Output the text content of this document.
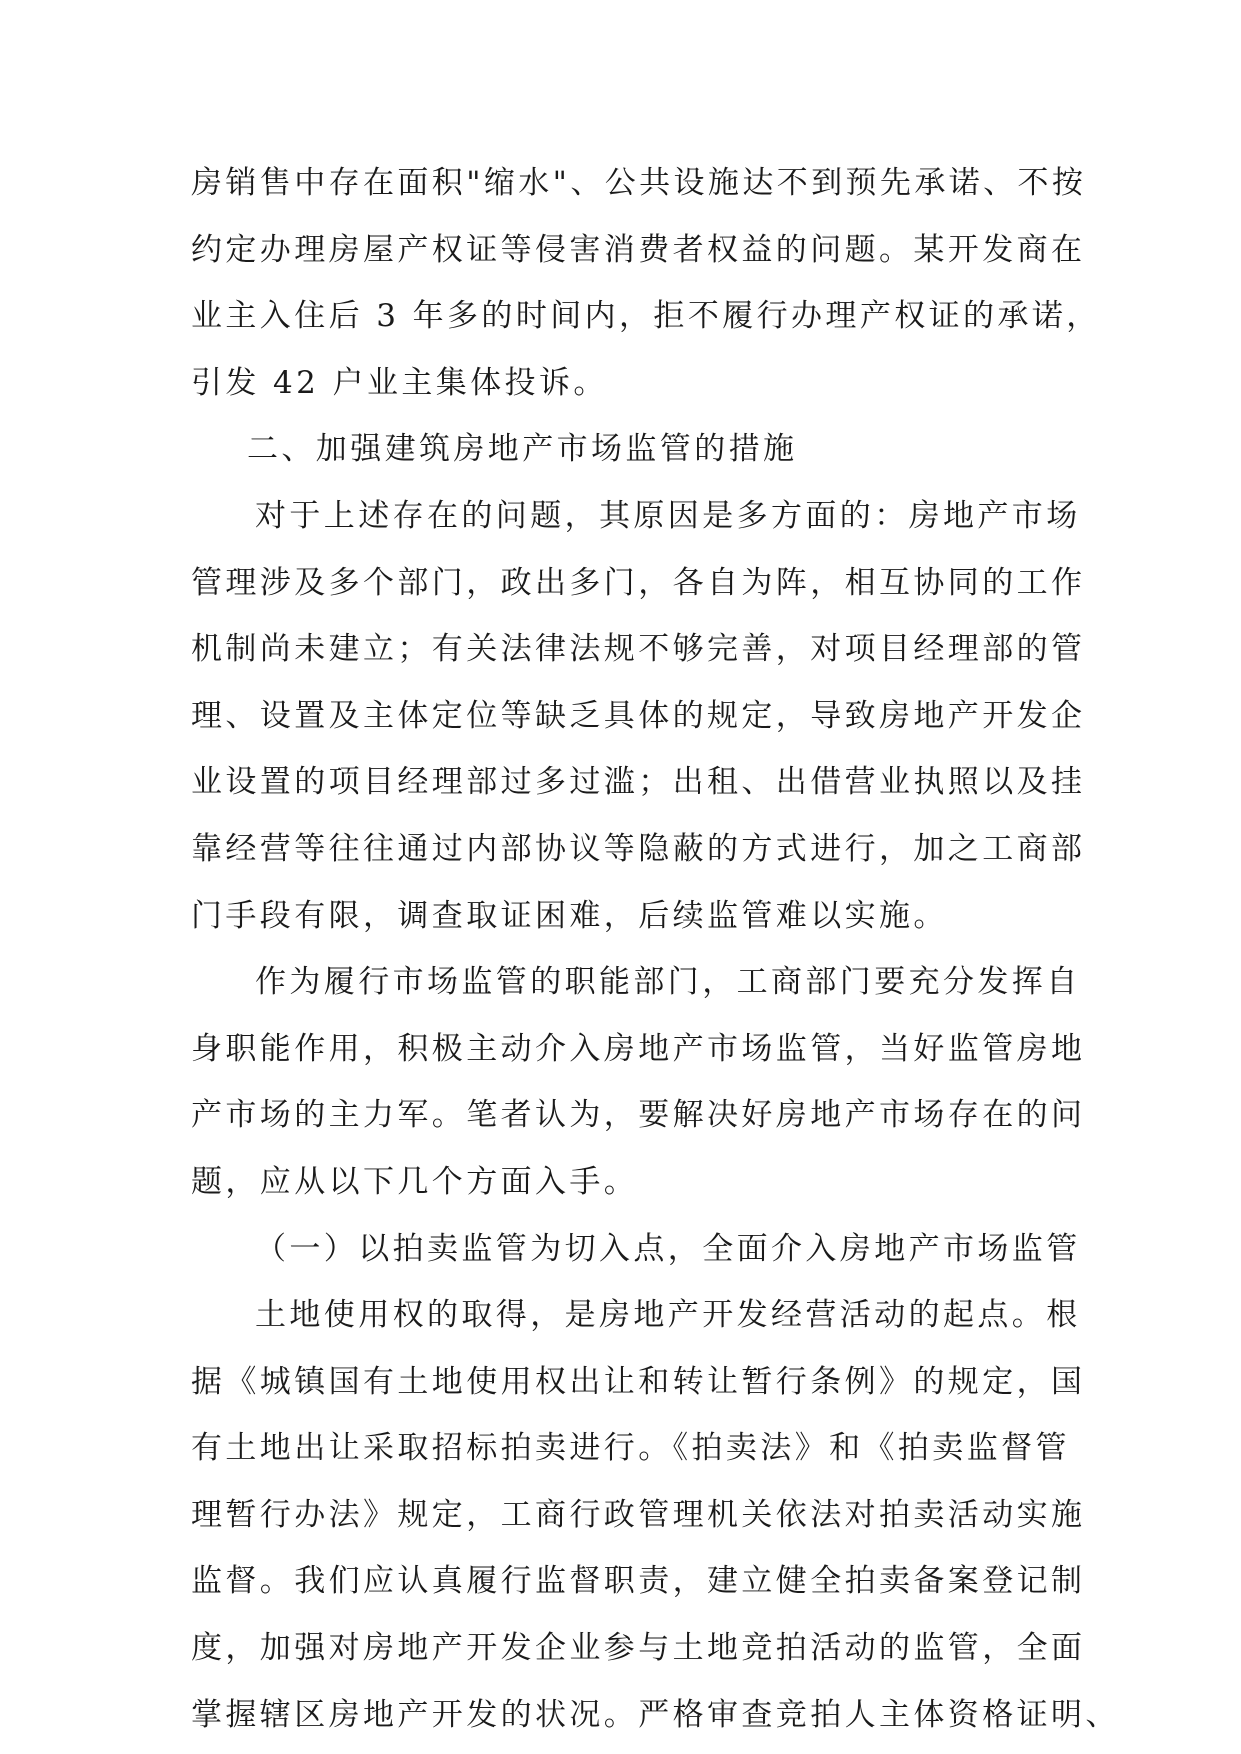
房销售中存在面积"缩水"、公共设施达不到预先承诺、不按
约定办理房屋产权证等侵害消费者权益的问题。某开发商在
业主入住后 3 年多的时间内，拒不履行办理产权证的承诺，
引发 42 户业主集体投诉。
二、加强建筑房地产市场监管的措施
对于上述存在的问题，其原因是多方面的：房地产市场
管理涉及多个部门，政出多门，各自为阵，相互协同的工作
机制尚未建立；有关法律法规不够完善，对项目经理部的管
理、设置及主体定位等缺乏具体的规定，导致房地产开发企
业设置的项目经理部过多过滥；出租、出借营业执照以及挂
靠经营等往往通过内部协议等隐蔽的方式进行，加之工商部
门手段有限，调查取证困难，后续监管难以实施。
作为履行市场监管的职能部门，工商部门要充分发挥自
身职能作用，积极主动介入房地产市场监管，当好监管房地
产市场的主力军。笔者认为，要解决好房地产市场存在的问
题，应从以下几个方面入手。
（一）以拍卖监管为切入点，全面介入房地产市场监管
土地使用权的取得，是房地产开发经营活动的起点。根
据《城镇国有土地使用权出让和转让暂行条例》的规定，国
有土地出让采取招标拍卖进行。《拍卖法》和《拍卖监督管
理暂行办法》规定，工商行政管理机关依法对拍卖活动实施
监督。我们应认真履行监督职责，建立健全拍卖备案登记制
度，加强对房地产开发企业参与土地竞拍活动的监管，全面
掌握辖区房地产开发的状况。严格审查竞拍人主体资格证明、
